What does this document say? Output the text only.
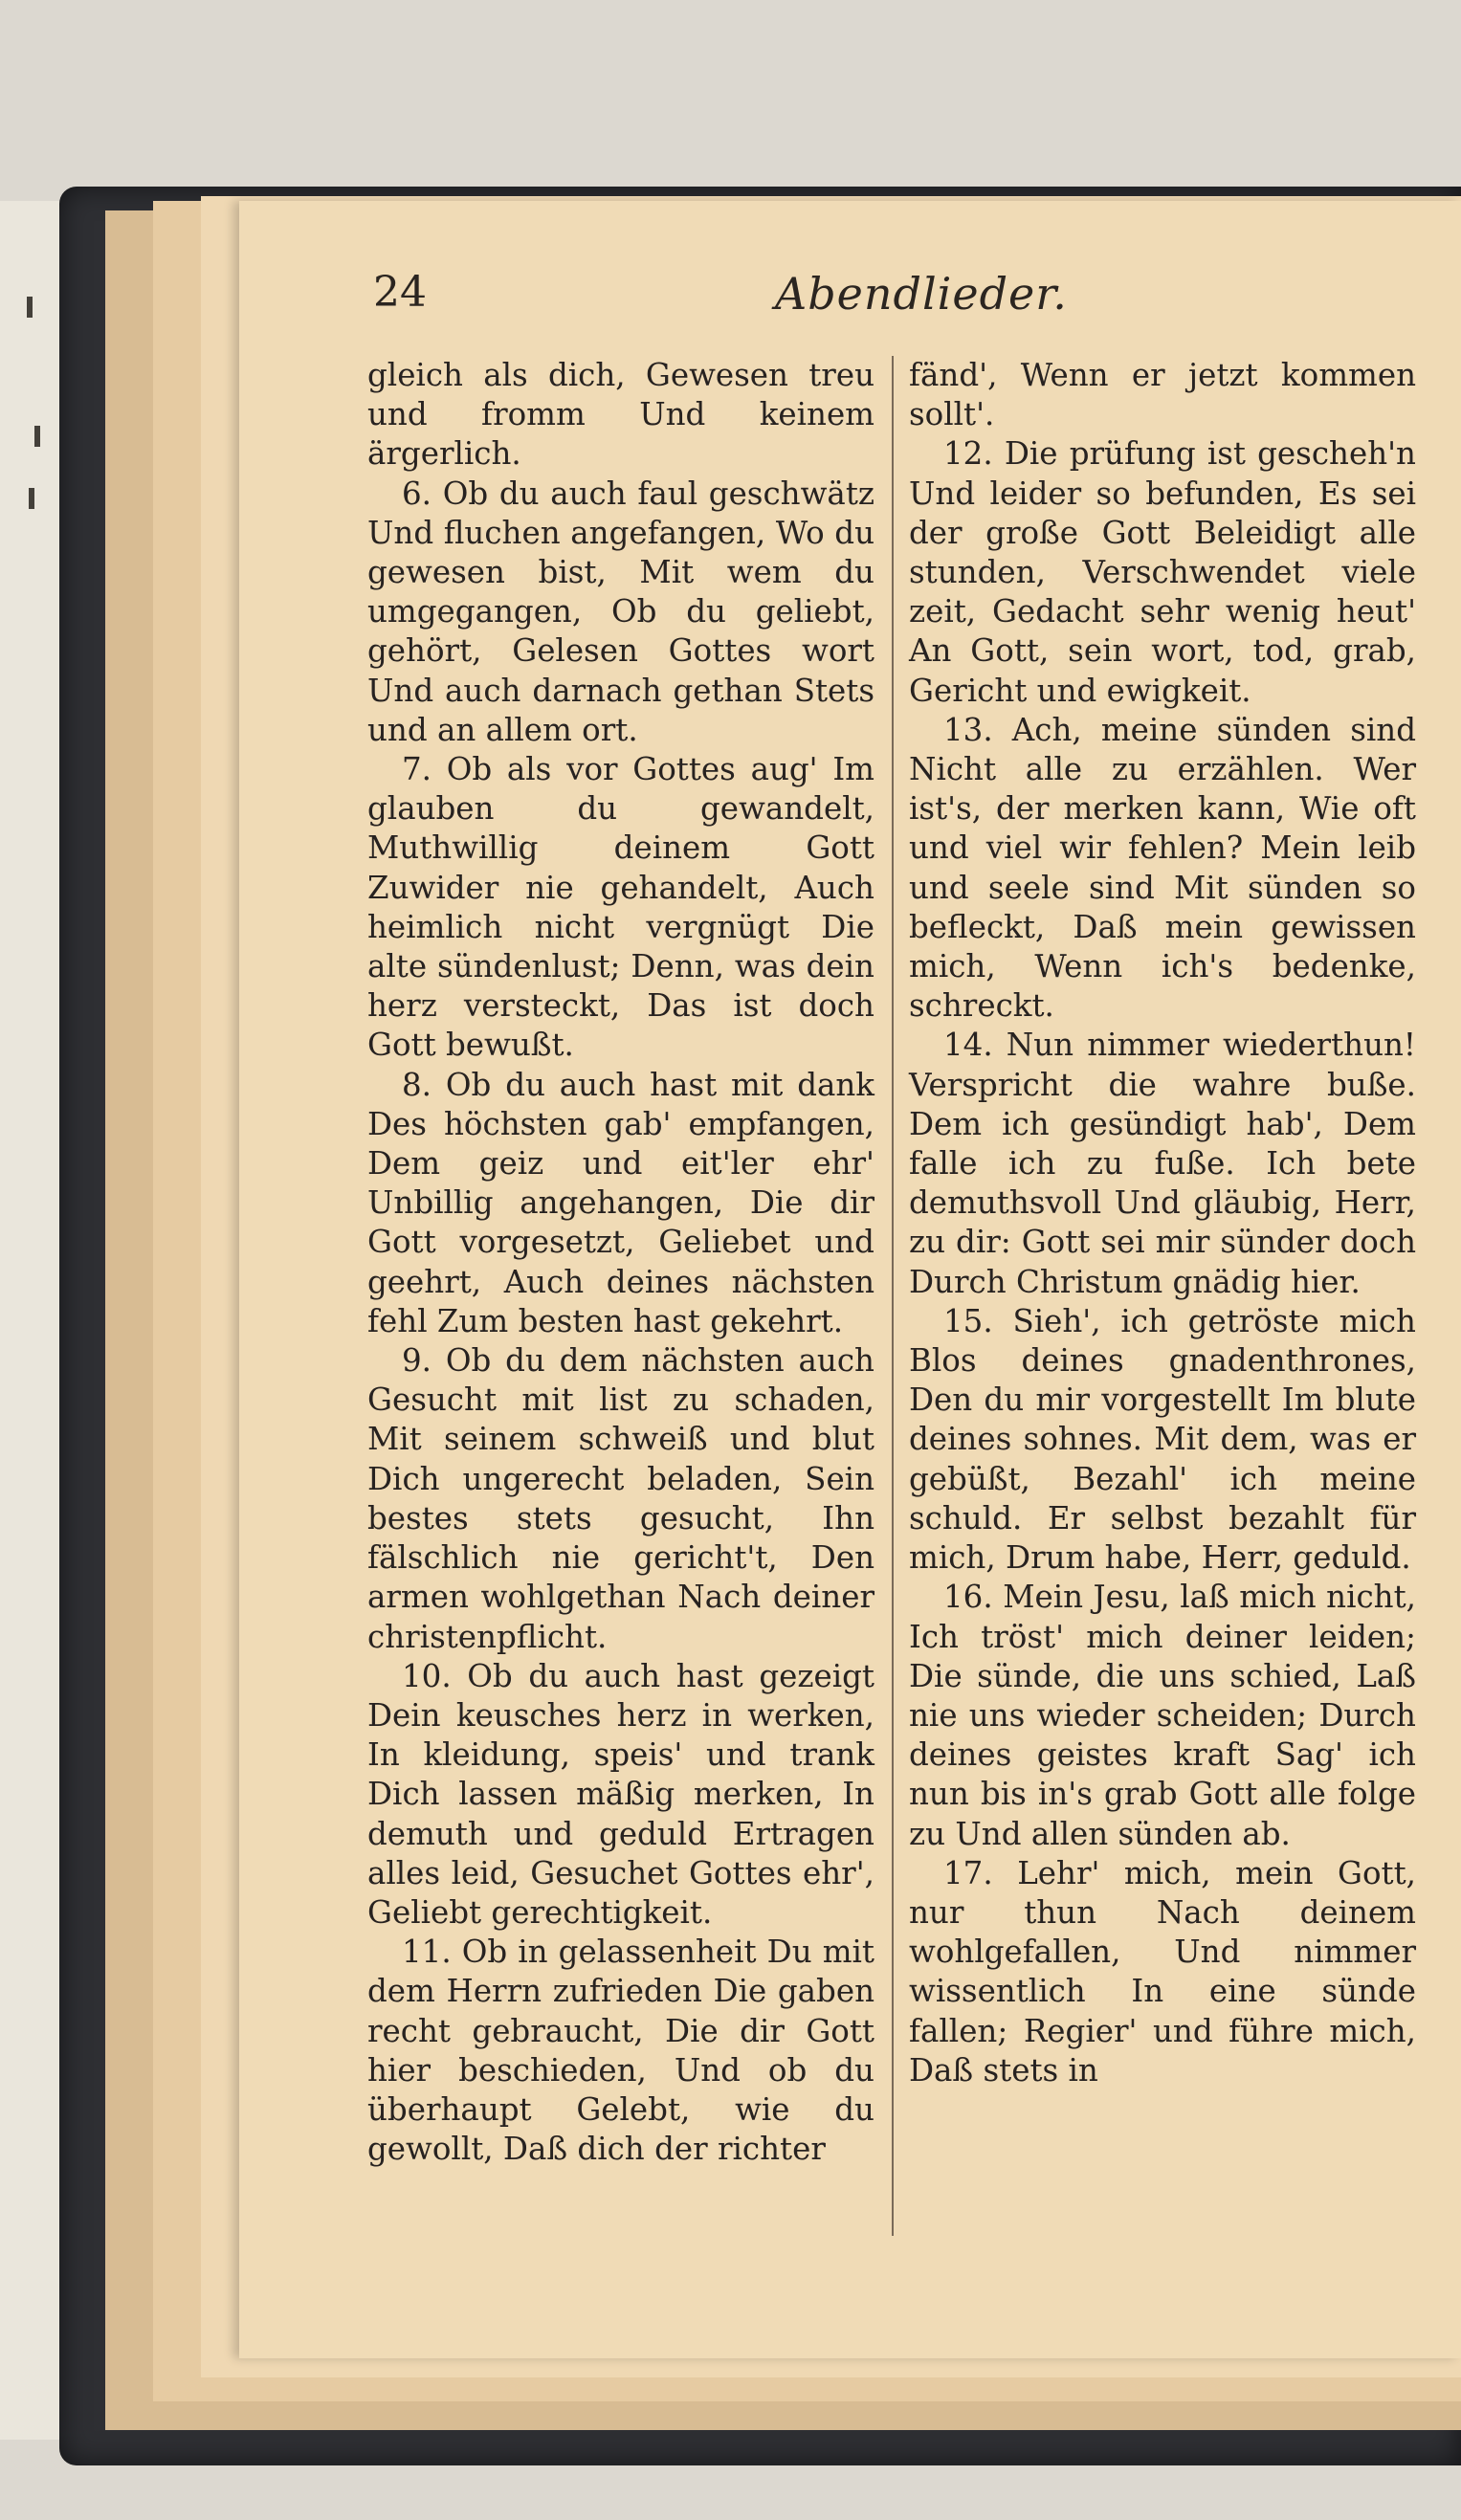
24	Abendlieder.

gleich als dich, Gewesen treu und fromm Und keinem ärgerlich.

6. Ob du auch faul geschwätz Und fluchen angefangen, Wo du gewesen bist, Mit wem du umgegangen, Ob du geliebt, gehört, Gelesen Gottes wort Und auch darnach gethan Stets und an allem ort.

7. Ob als vor Gottes aug' Im glauben du gewandelt, Muthwillig deinem Gott Zuwider nie gehandelt, Auch heimlich nicht vergnügt Die alte sündenlust; Denn, was dein herz versteckt, Das ist doch Gott bewußt.

8. Ob du auch hast mit dank Des höchsten gab' empfangen, Dem geiz und eit'ler ehr' Unbillig angehangen, Die dir Gott vorgesetzt, Geliebet und geehrt, Auch deines nächsten fehl Zum besten hast gekehrt.

9. Ob du dem nächsten auch Gesucht mit list zu schaden, Mit seinem schweiß und blut Dich ungerecht beladen, Sein bestes stets gesucht, Ihn fälschlich nie gericht't, Den armen wohlgethan Nach deiner christenpflicht.

10. Ob du auch hast gezeigt Dein keusches herz in werken, In kleidung, speis' und trank Dich lassen mäßig merken, In demuth und geduld Ertragen alles leid, Gesuchet Gottes ehr', Geliebt gerechtigkeit.

11. Ob in gelassenheit Du mit dem Herrn zufrieden Die gaben recht gebraucht, Die dir Gott hier beschieden, Und ob du überhaupt Gelebt, wie du gewollt, Daß dich der richter

fänd', Wenn er jetzt kommen sollt'.

12. Die prüfung ist gescheh'n Und leider so befunden, Es sei der große Gott Beleidigt alle stunden, Verschwendet viele zeit, Gedacht sehr wenig heut' An Gott, sein wort, tod, grab, Gericht und ewigkeit.

13. Ach, meine sünden sind Nicht alle zu erzählen. Wer ist's, der merken kann, Wie oft und viel wir fehlen? Mein leib und seele sind Mit sünden so befleckt, Daß mein gewissen mich, Wenn ich's bedenke, schreckt.

14. Nun nimmer wiederthun! Verspricht die wahre buße. Dem ich gesündigt hab', Dem falle ich zu fuße. Ich bete demuthsvoll Und gläubig, Herr, zu dir: Gott sei mir sünder doch Durch Christum gnädig hier.

15. Sieh', ich getröste mich Blos deines gnadenthrones, Den du mir vorgestellt Im blute deines sohnes. Mit dem, was er gebüßt, Bezahl' ich meine schuld. Er selbst bezahlt für mich, Drum habe, Herr, geduld.

16. Mein Jesu, laß mich nicht, Ich tröst' mich deiner leiden; Die sünde, die uns schied, Laß nie uns wieder scheiden; Durch deines geistes kraft Sag' ich nun bis in's grab Gott alle folge zu Und allen sünden ab.

17. Lehr' mich, mein Gott, nur thun Nach deinem wohlgefallen, Und nimmer wissentlich In eine sünde fallen; Regier' und führe mich, Daß stets in
